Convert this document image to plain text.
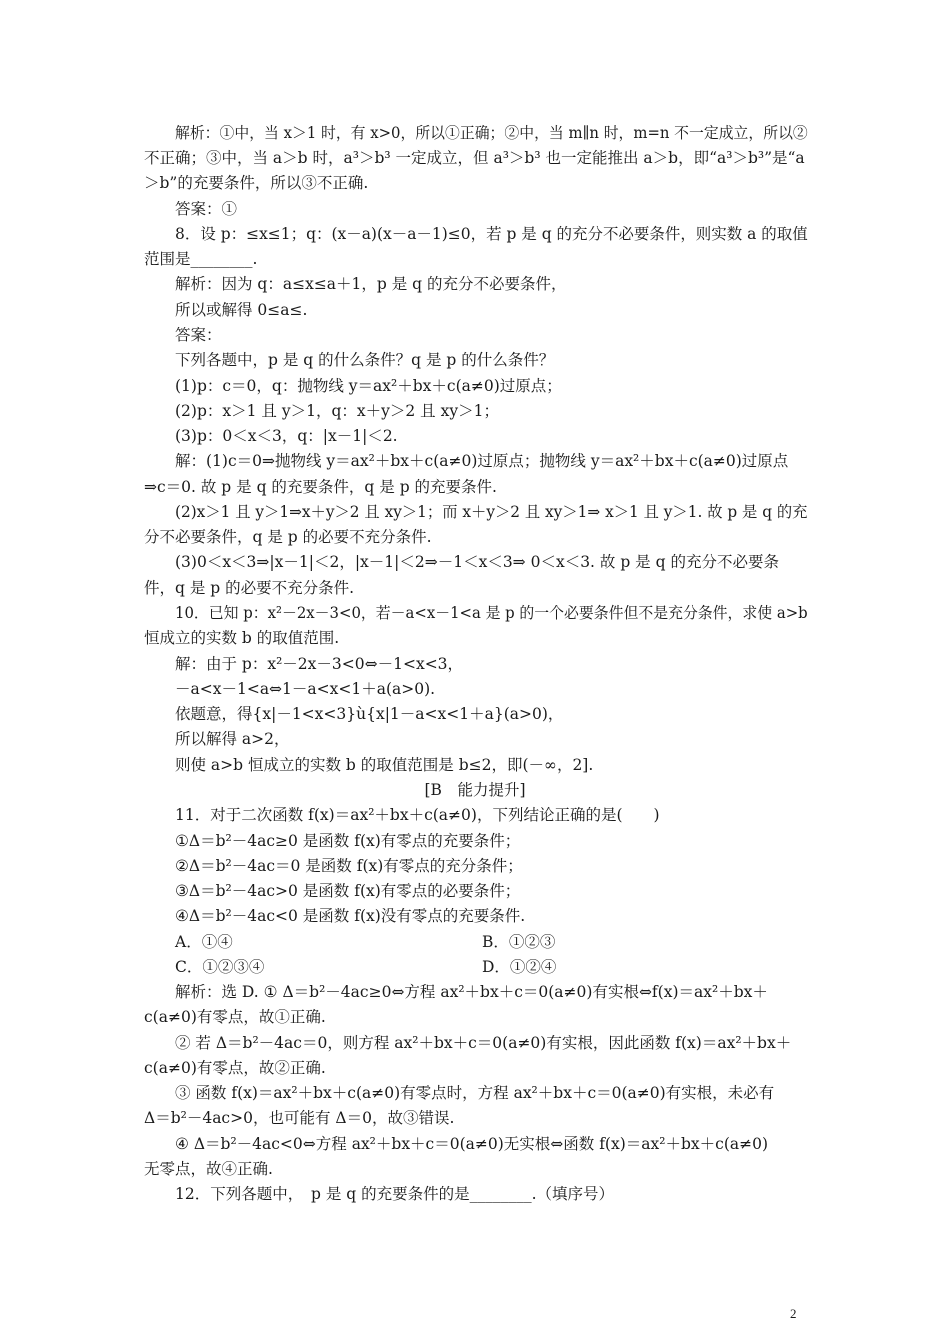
解析：①中，当 x＞1 时，有 x>0，所以①正确；②中，当 m∥n 时，m=n 不一定成立，所以②
不正确；③中，当 a＞b 时，a³＞b³ 一定成立，但 a³＞b³ 也一定能推出 a＞b，即“a³＞b³”是“a
＞b”的充要条件，所以③不正确.
答案：①
8．设 p：≤x≤1；q：(x－a)(x－a－1)≤0，若 p 是 q 的充分不必要条件，则实数 a 的取值
范围是________.
解析：因为 q：a≤x≤a＋1，p 是 q 的充分不必要条件，
所以或解得 0≤a≤.
答案：
下列各题中，p 是 q 的什么条件？q 是 p 的什么条件？
(1)p：c＝0，q：抛物线 y＝ax²＋bx＋c(a≠0)过原点；
(2)p：x＞1 且 y＞1，q：x＋y＞2 且 xy＞1；
(3)p：0＜x＜3，q：|x－1|＜2.
解：(1)c＝0⇒抛物线 y＝ax²＋bx＋c(a≠0)过原点；抛物线 y＝ax²＋bx＋c(a≠0)过原点
⇒c＝0. 故 p 是 q 的充要条件，q 是 p 的充要条件.
(2)x＞1 且 y＞1⇒x＋y＞2 且 xy＞1；而 x＋y＞2 且 xy＞1⇒ x＞1 且 y＞1. 故 p 是 q 的充
分不必要条件，q 是 p 的必要不充分条件.
(3)0＜x＜3⇒|x－1|＜2，|x－1|＜2⇒－1＜x＜3⇒ 0＜x＜3. 故 p 是 q 的充分不必要条
件，q 是 p 的必要不充分条件.
10．已知 p：x²－2x－3<0，若－a<x－1<a 是 p 的一个必要条件但不是充分条件，求使 a>b
恒成立的实数 b 的取值范围.
解：由于 p：x²－2x－3<0⇔－1<x<3，
－a<x－1<a⇔1－a<x<1＋a(a>0).
依题意，得{x|－1<x<3}ù{x|1－a<x<1＋a}(a>0)，
所以解得 a>2，
则使 a>b 恒成立的实数 b 的取值范围是 b≤2，即(－∞，2].
[B　能力提升]
11．对于二次函数 f(x)＝ax²＋bx＋c(a≠0)，下列结论正确的是(　　)
①Δ＝b²－4ac≥0 是函数 f(x)有零点的充要条件；
②Δ＝b²－4ac＝0 是函数 f(x)有零点的充分条件；
③Δ＝b²－4ac>0 是函数 f(x)有零点的必要条件；
④Δ＝b²－4ac<0 是函数 f(x)没有零点的充要条件.
A．①④	B．①②③
C．①②③④	D．①②④
解析：选 D. ① Δ＝b²－4ac≥0⇔方程 ax²＋bx＋c＝0(a≠0)有实根⇔f(x)＝ax²＋bx＋
c(a≠0)有零点，故①正确.
② 若 Δ＝b²－4ac＝0，则方程 ax²＋bx＋c＝0(a≠0)有实根，因此函数 f(x)＝ax²＋bx＋
c(a≠0)有零点，故②正确.
③ 函数 f(x)＝ax²＋bx＋c(a≠0)有零点时，方程 ax²＋bx＋c＝0(a≠0)有实根，未必有
Δ＝b²－4ac>0，也可能有 Δ＝0，故③错误.
④ Δ＝b²－4ac<0⇔方程 ax²＋bx＋c＝0(a≠0)无实根⇔函数 f(x)＝ax²＋bx＋c(a≠0)
无零点，故④正确.
12．下列各题中，　p 是 q 的充要条件的是________.（填序号）
2
